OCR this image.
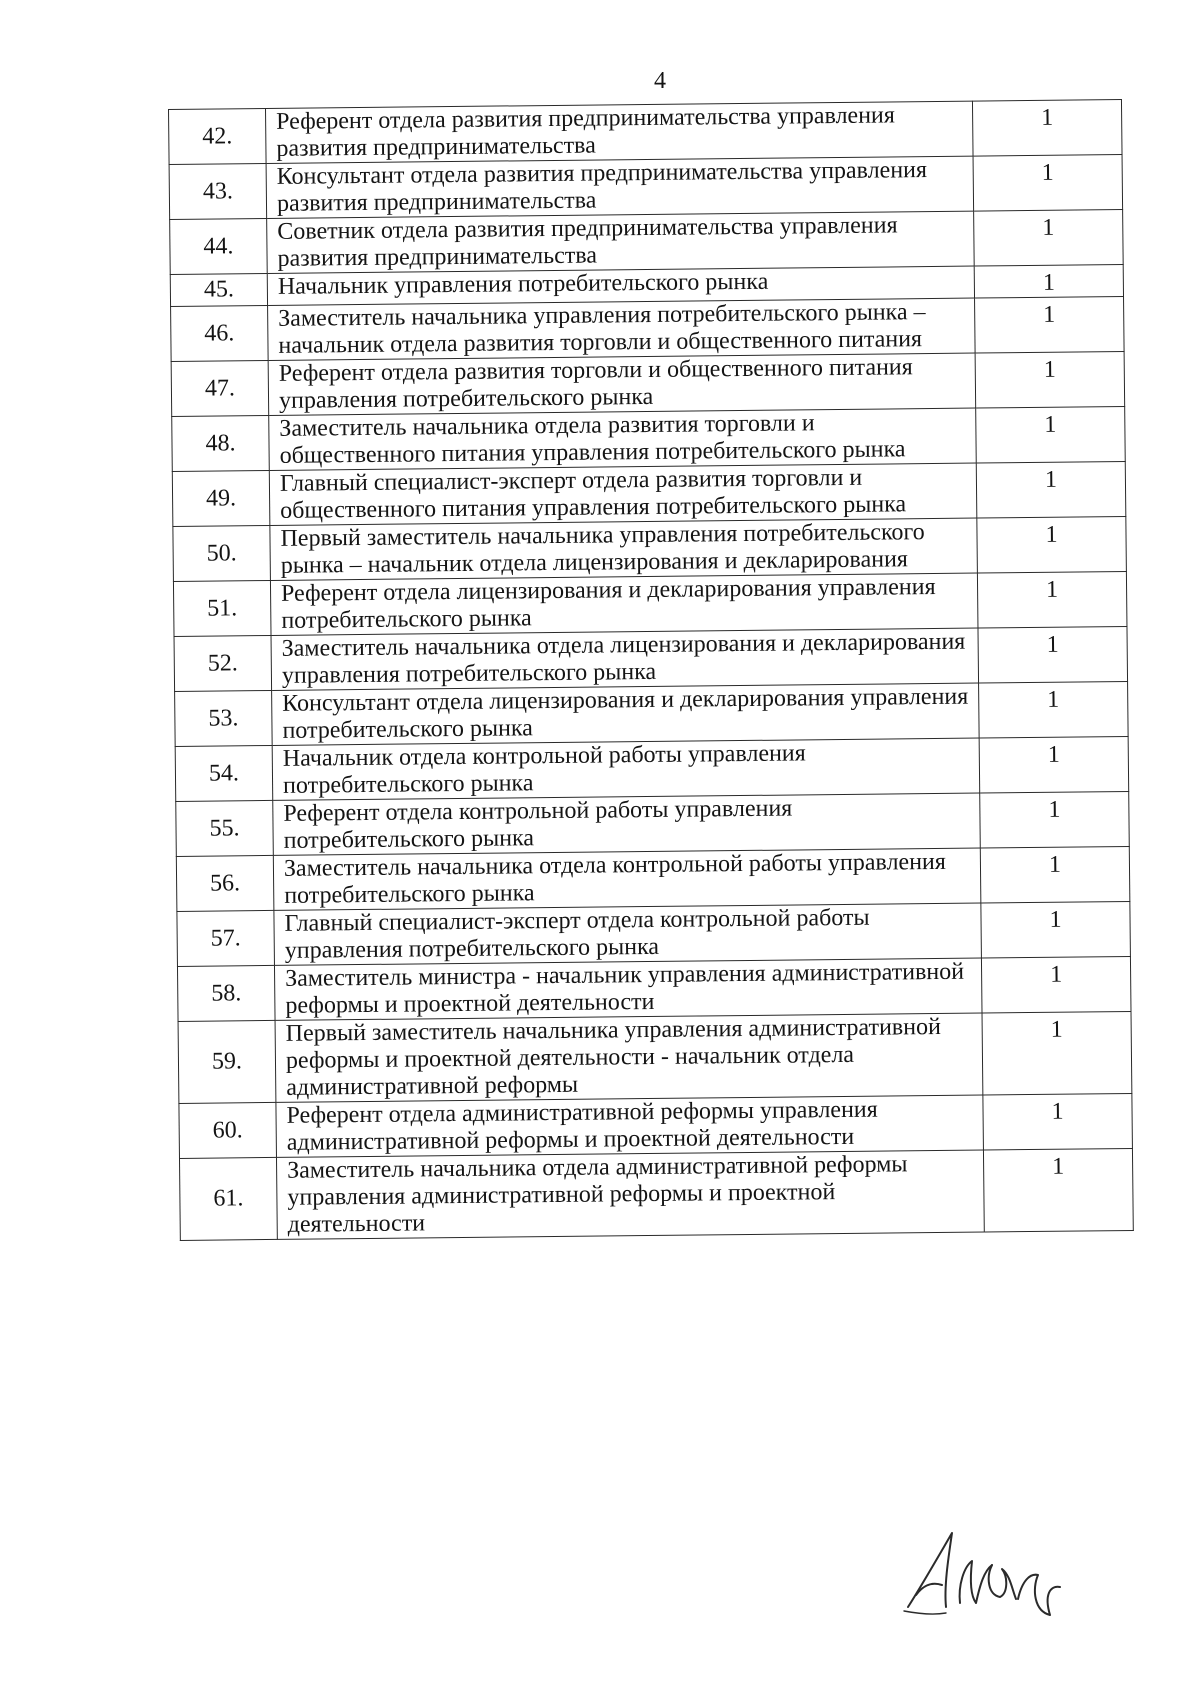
4
42.	Референт отдела развития предпринимательства управления развития предпринимательства	1
43.	Консультант отдела развития предпринимательства управления развития предпринимательства	1
44.	Советник отдела развития предпринимательства управления развития предпринимательства	1
45.	Начальник управления потребительского рынка	1
46.	Заместитель начальника управления потребительского рынка – начальник отдела развития торговли и общественного питания	1
47.	Референт отдела развития торговли и общественного питания управления потребительского рынка	1
48.	Заместитель начальника отдела развития торговли и общественного питания управления потребительского рынка	1
49.	Главный специалист-эксперт отдела развития торговли и общественного питания управления потребительского рынка	1
50.	Первый заместитель начальника управления потребительского рынка – начальник отдела лицензирования и декларирования	1
51.	Референт отдела лицензирования и декларирования управления потребительского рынка	1
52.	Заместитель начальника отдела лицензирования и декларирования управления потребительского рынка	1
53.	Консультант отдела лицензирования и декларирования управления потребительского рынка	1
54.	Начальник отдела контрольной работы управления потребительского рынка	1
55.	Референт отдела контрольной работы управления потребительского рынка	1
56.	Заместитель начальника отдела контрольной работы управления потребительского рынка	1
57.	Главный специалист-эксперт отдела контрольной работы управления потребительского рынка	1
58.	Заместитель министра - начальник управления административной реформы и проектной деятельности	1
59.	Первый заместитель начальника управления административной реформы и проектной деятельности - начальник отдела административной реформы	1
60.	Референт отдела административной реформы управления административной реформы и проектной деятельности	1
61.	Заместитель начальника отдела административной реформы управления административной реформы и проектной деятельности	1
